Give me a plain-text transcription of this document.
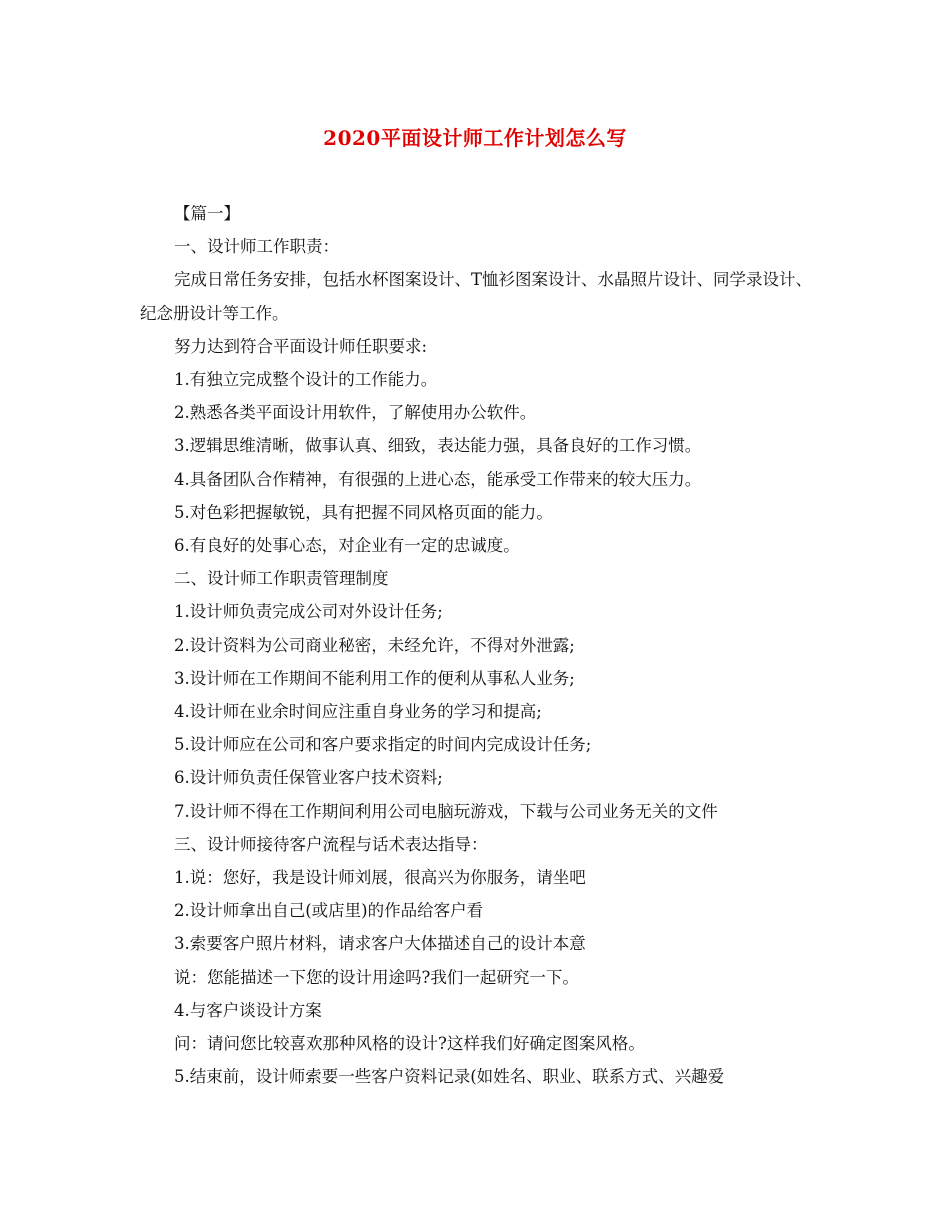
2020平面设计师工作计划怎么写

【篇一】

一、设计师工作职责：

完成日常任务安排，包括水杯图案设计、T恤衫图案设计、水晶照片设计、同学录设计、纪念册设计等工作。

努力达到符合平面设计师任职要求:

1.有独立完成整个设计的工作能力。

2.熟悉各类平面设计用软件，了解使用办公软件。

3.逻辑思维清晰，做事认真、细致，表达能力强，具备良好的工作习惯。

4.具备团队合作精神，有很强的上进心态，能承受工作带来的较大压力。

5.对色彩把握敏锐，具有把握不同风格页面的能力。

6.有良好的处事心态，对企业有一定的忠诚度。

二、设计师工作职责管理制度

1.设计师负责完成公司对外设计任务;

2.设计资料为公司商业秘密，未经允许，不得对外泄露;

3.设计师在工作期间不能利用工作的便利从事私人业务;

4.设计师在业余时间应注重自身业务的学习和提高;

5.设计师应在公司和客户要求指定的时间内完成设计任务;

6.设计师负责任保管业客户技术资料;

7.设计师不得在工作期间利用公司电脑玩游戏，下载与公司业务无关的文件

三、设计师接待客户流程与话术表达指导：

1.说：您好，我是设计师刘展，很高兴为你服务，请坐吧

2.设计师拿出自己(或店里)的作品给客户看

3.索要客户照片材料，请求客户大体描述自己的设计本意

说：您能描述一下您的设计用途吗?我们一起研究一下。

4.与客户谈设计方案

问：请问您比较喜欢那种风格的设计?这样我们好确定图案风格。

5.结束前，设计师索要一些客户资料记录(如姓名、职业、联系方式、兴趣爱
